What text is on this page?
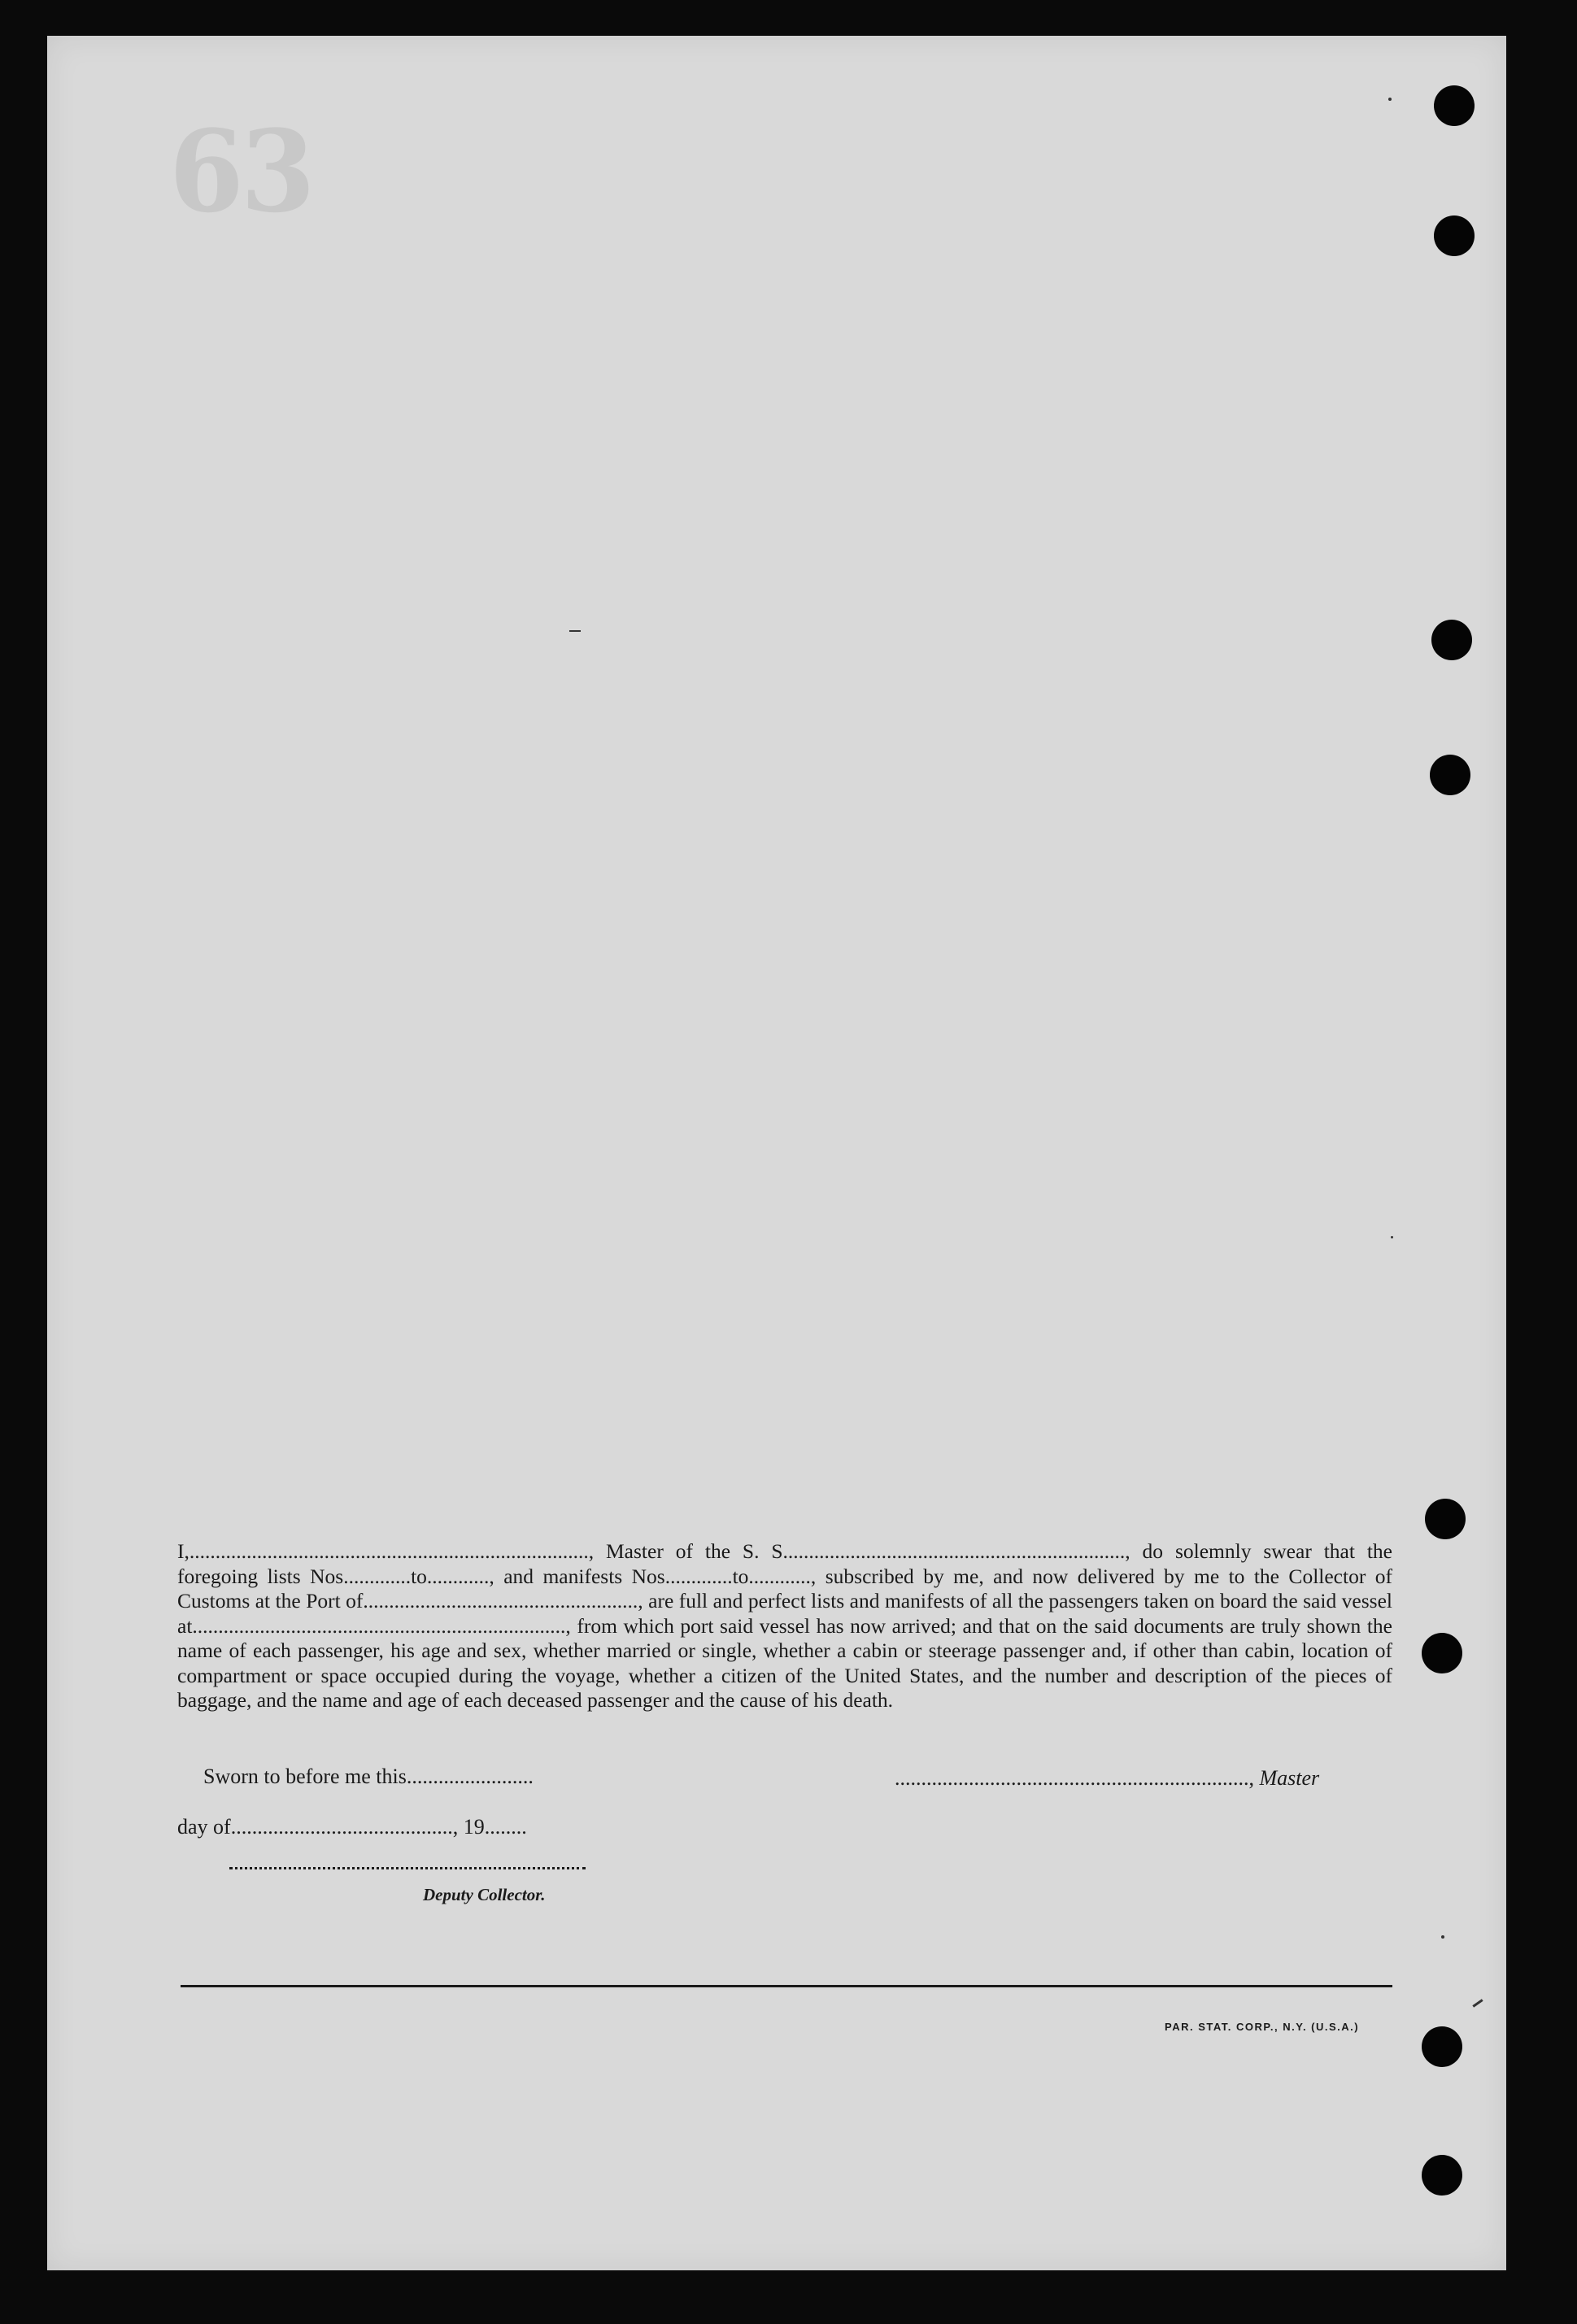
63

I,............................................................................., Master of the S. S.................................................................., do solemnly swear that the foregoing lists Nos.............to............, and manifests Nos.............to............, subscribed by me, and now delivered by me to the Collector of Customs at the Port of....................................................., are full and perfect lists and manifests of all the passengers taken on board the said vessel at........................................................................, from which port said vessel has now arrived; and that on the said documents are truly shown the name of each passenger, his age and sex, whether married or single, whether a cabin or steerage passenger and, if other than cabin, location of compartment or space occupied during the voyage, whether a citizen of the United States, and the number and description of the pieces of baggage, and the name and age of each deceased passenger and the cause of his death.

Sworn to before me this........................	..................................................................., Master
day of.........................................., 19........
Deputy Collector.
PAR. STAT. CORP., N.Y. (U.S.A.)
